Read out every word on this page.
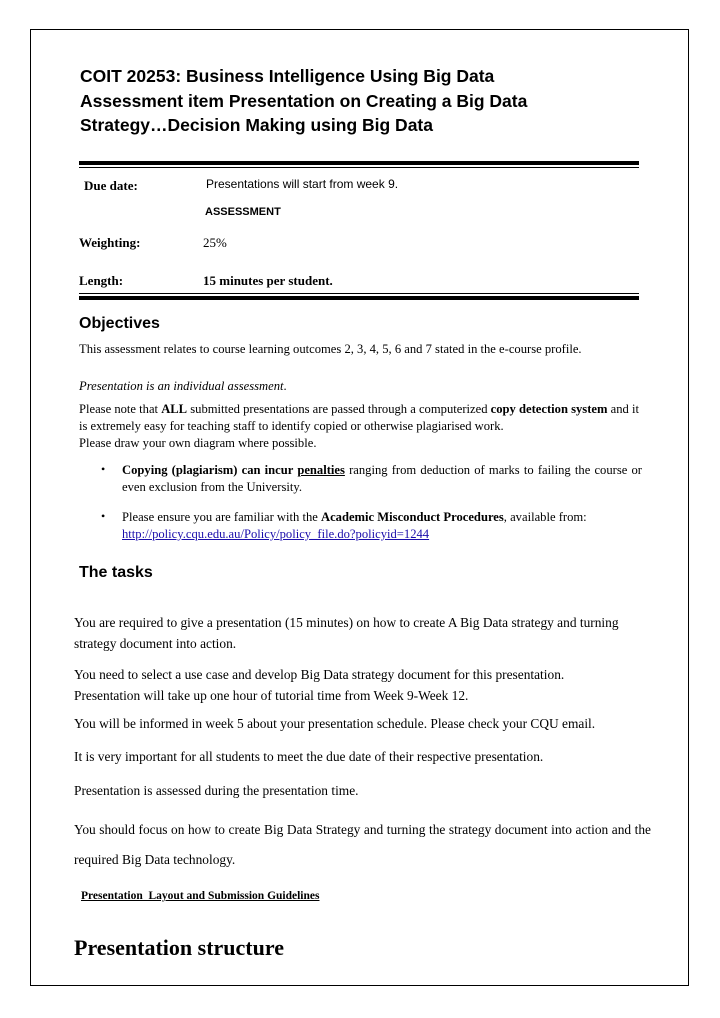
COIT 20253: Business Intelligence Using Big Data
Assessment item Presentation on Creating a Big Data
Strategy…Decision Making using Big Data
Due date:	Presentations will start from week 9.
ASSESSMENT
Weighting:	25%
Length:	15 minutes per student.
Objectives
This assessment relates to course learning outcomes 2, 3, 4, 5, 6 and 7 stated in the e-course profile.
Presentation is an individual assessment.
Please note that ALL submitted presentations are passed through a computerized copy detection system and it is extremely easy for teaching staff to identify copied or otherwise plagiarised work.
Please draw your own diagram where possible.
• Copying (plagiarism) can incur penalties ranging from deduction of marks to failing the course or even exclusion from the University.
• Please ensure you are familiar with the Academic Misconduct Procedures, available from:
http://policy.cqu.edu.au/Policy/policy_file.do?policyid=1244
The tasks
You are required to give a presentation (15 minutes) on how to create A Big Data strategy and turning strategy document into action.
You need to select a use case and develop Big Data strategy document for this presentation.
Presentation will take up one hour of tutorial time from Week 9-Week 12.
You will be informed in week 5 about your presentation schedule. Please check your CQU email.
It is very important for all students to meet the due date of their respective presentation.
Presentation is assessed during the presentation time.
You should focus on how to create Big Data Strategy and turning the strategy document into action and the required Big Data technology.
Presentation  Layout and Submission Guidelines
Presentation structure
